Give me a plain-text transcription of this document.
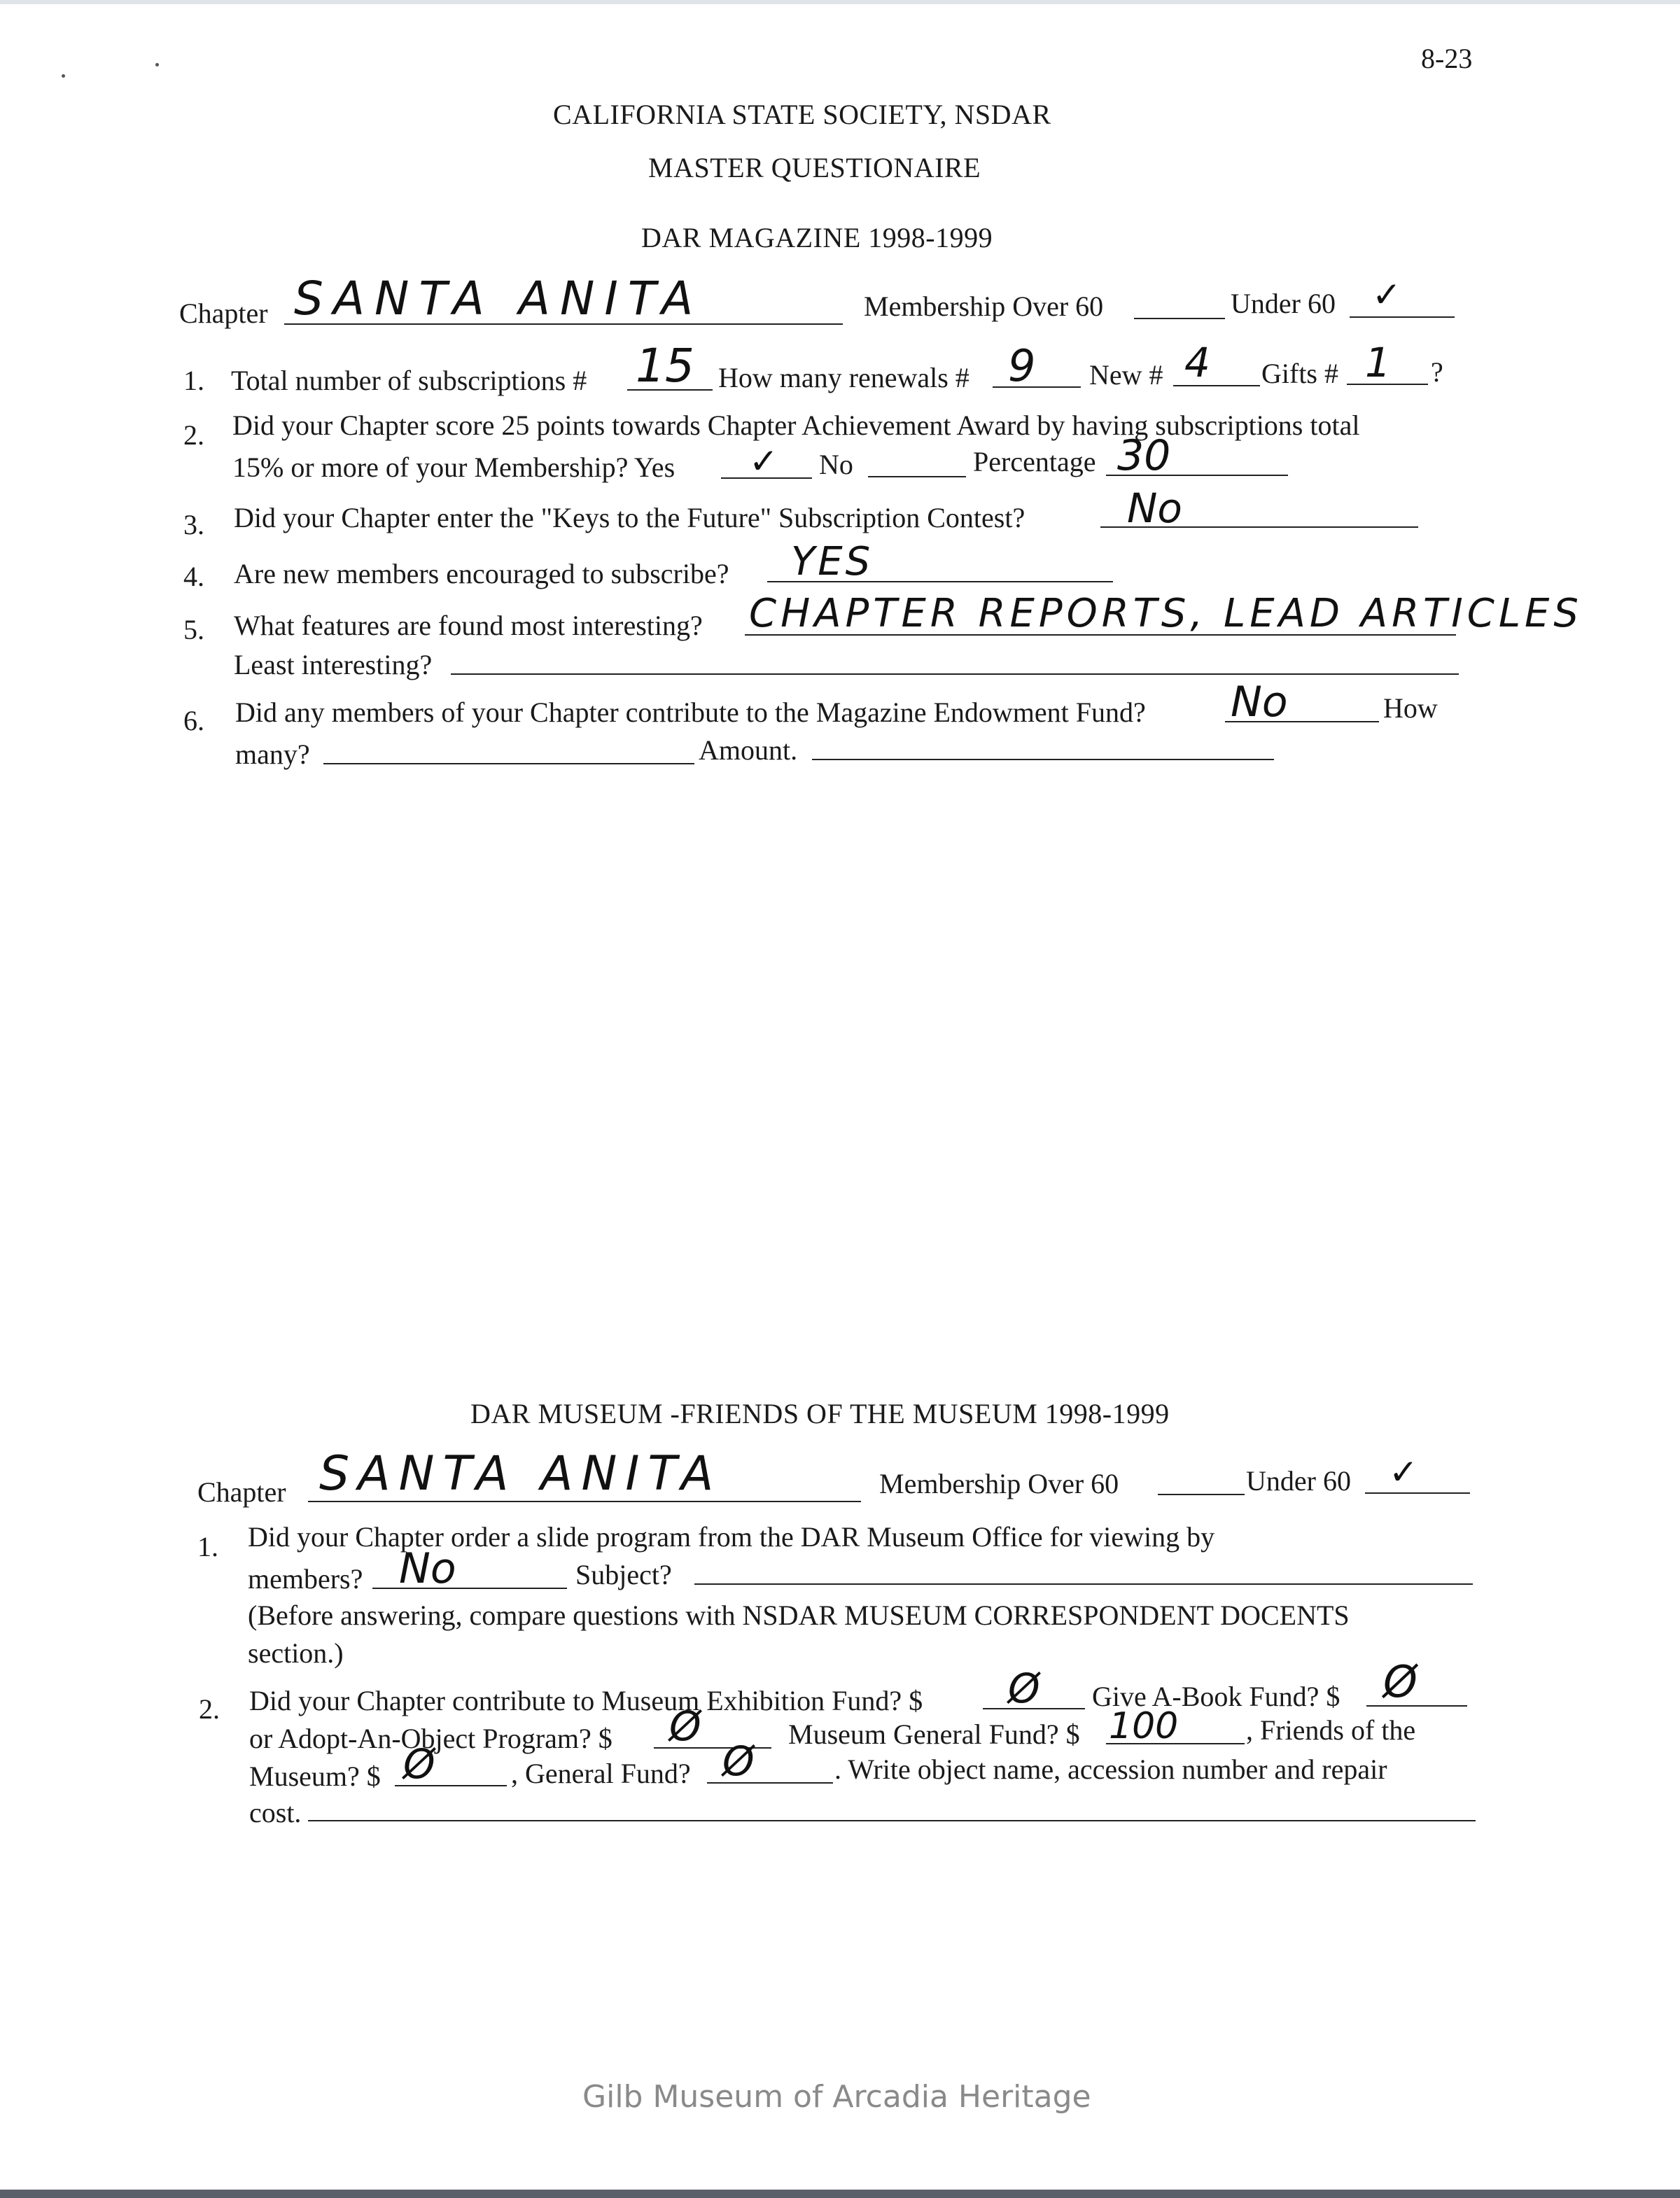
8-23
CALIFORNIA STATE SOCIETY, NSDAR
MASTER QUESTIONAIRE
DAR MAGAZINE 1998-1999
Chapter SANTA ANITA	Membership Over 60	Under 60 ✓
1. Total number of subscriptions # 15 How many renewals # 9 New # 4 Gifts # 1 ?
2. Did your Chapter score 25 points towards Chapter Achievement Award by having subscriptions total
15% or more of your Membership? Yes ✓ No	Percentage 30
3. Did your Chapter enter the "Keys to the Future" Subscription Contest?	No
4. Are new members encouraged to subscribe? YES
5. What features are found most interesting? CHAPTER REPORTS, LEAD ARTICLES
Least interesting?
6. Did any members of your Chapter contribute to the Magazine Endowment Fund? No	How
many?	Amount.
DAR MUSEUM -FRIENDS OF THE MUSEUM 1998-1999
Chapter SANTA ANITA	Membership Over 60	Under 60 ✓
1. Did your Chapter order a slide program from the DAR Museum Office for viewing by
members? No	Subject?
(Before answering, compare questions with NSDAR MUSEUM CORRESPONDENT DOCENTS
section.)
2. Did your Chapter contribute to Museum Exhibition Fund? $ Ø Give A-Book Fund? $ Ø
or Adopt-An-Object Program? $ Ø	Museum General Fund? $ 100 , Friends of the
Museum? $ Ø	, General Fund? Ø	. Write object name, accession number and repair
cost.
Gilb Museum of Arcadia Heritage
